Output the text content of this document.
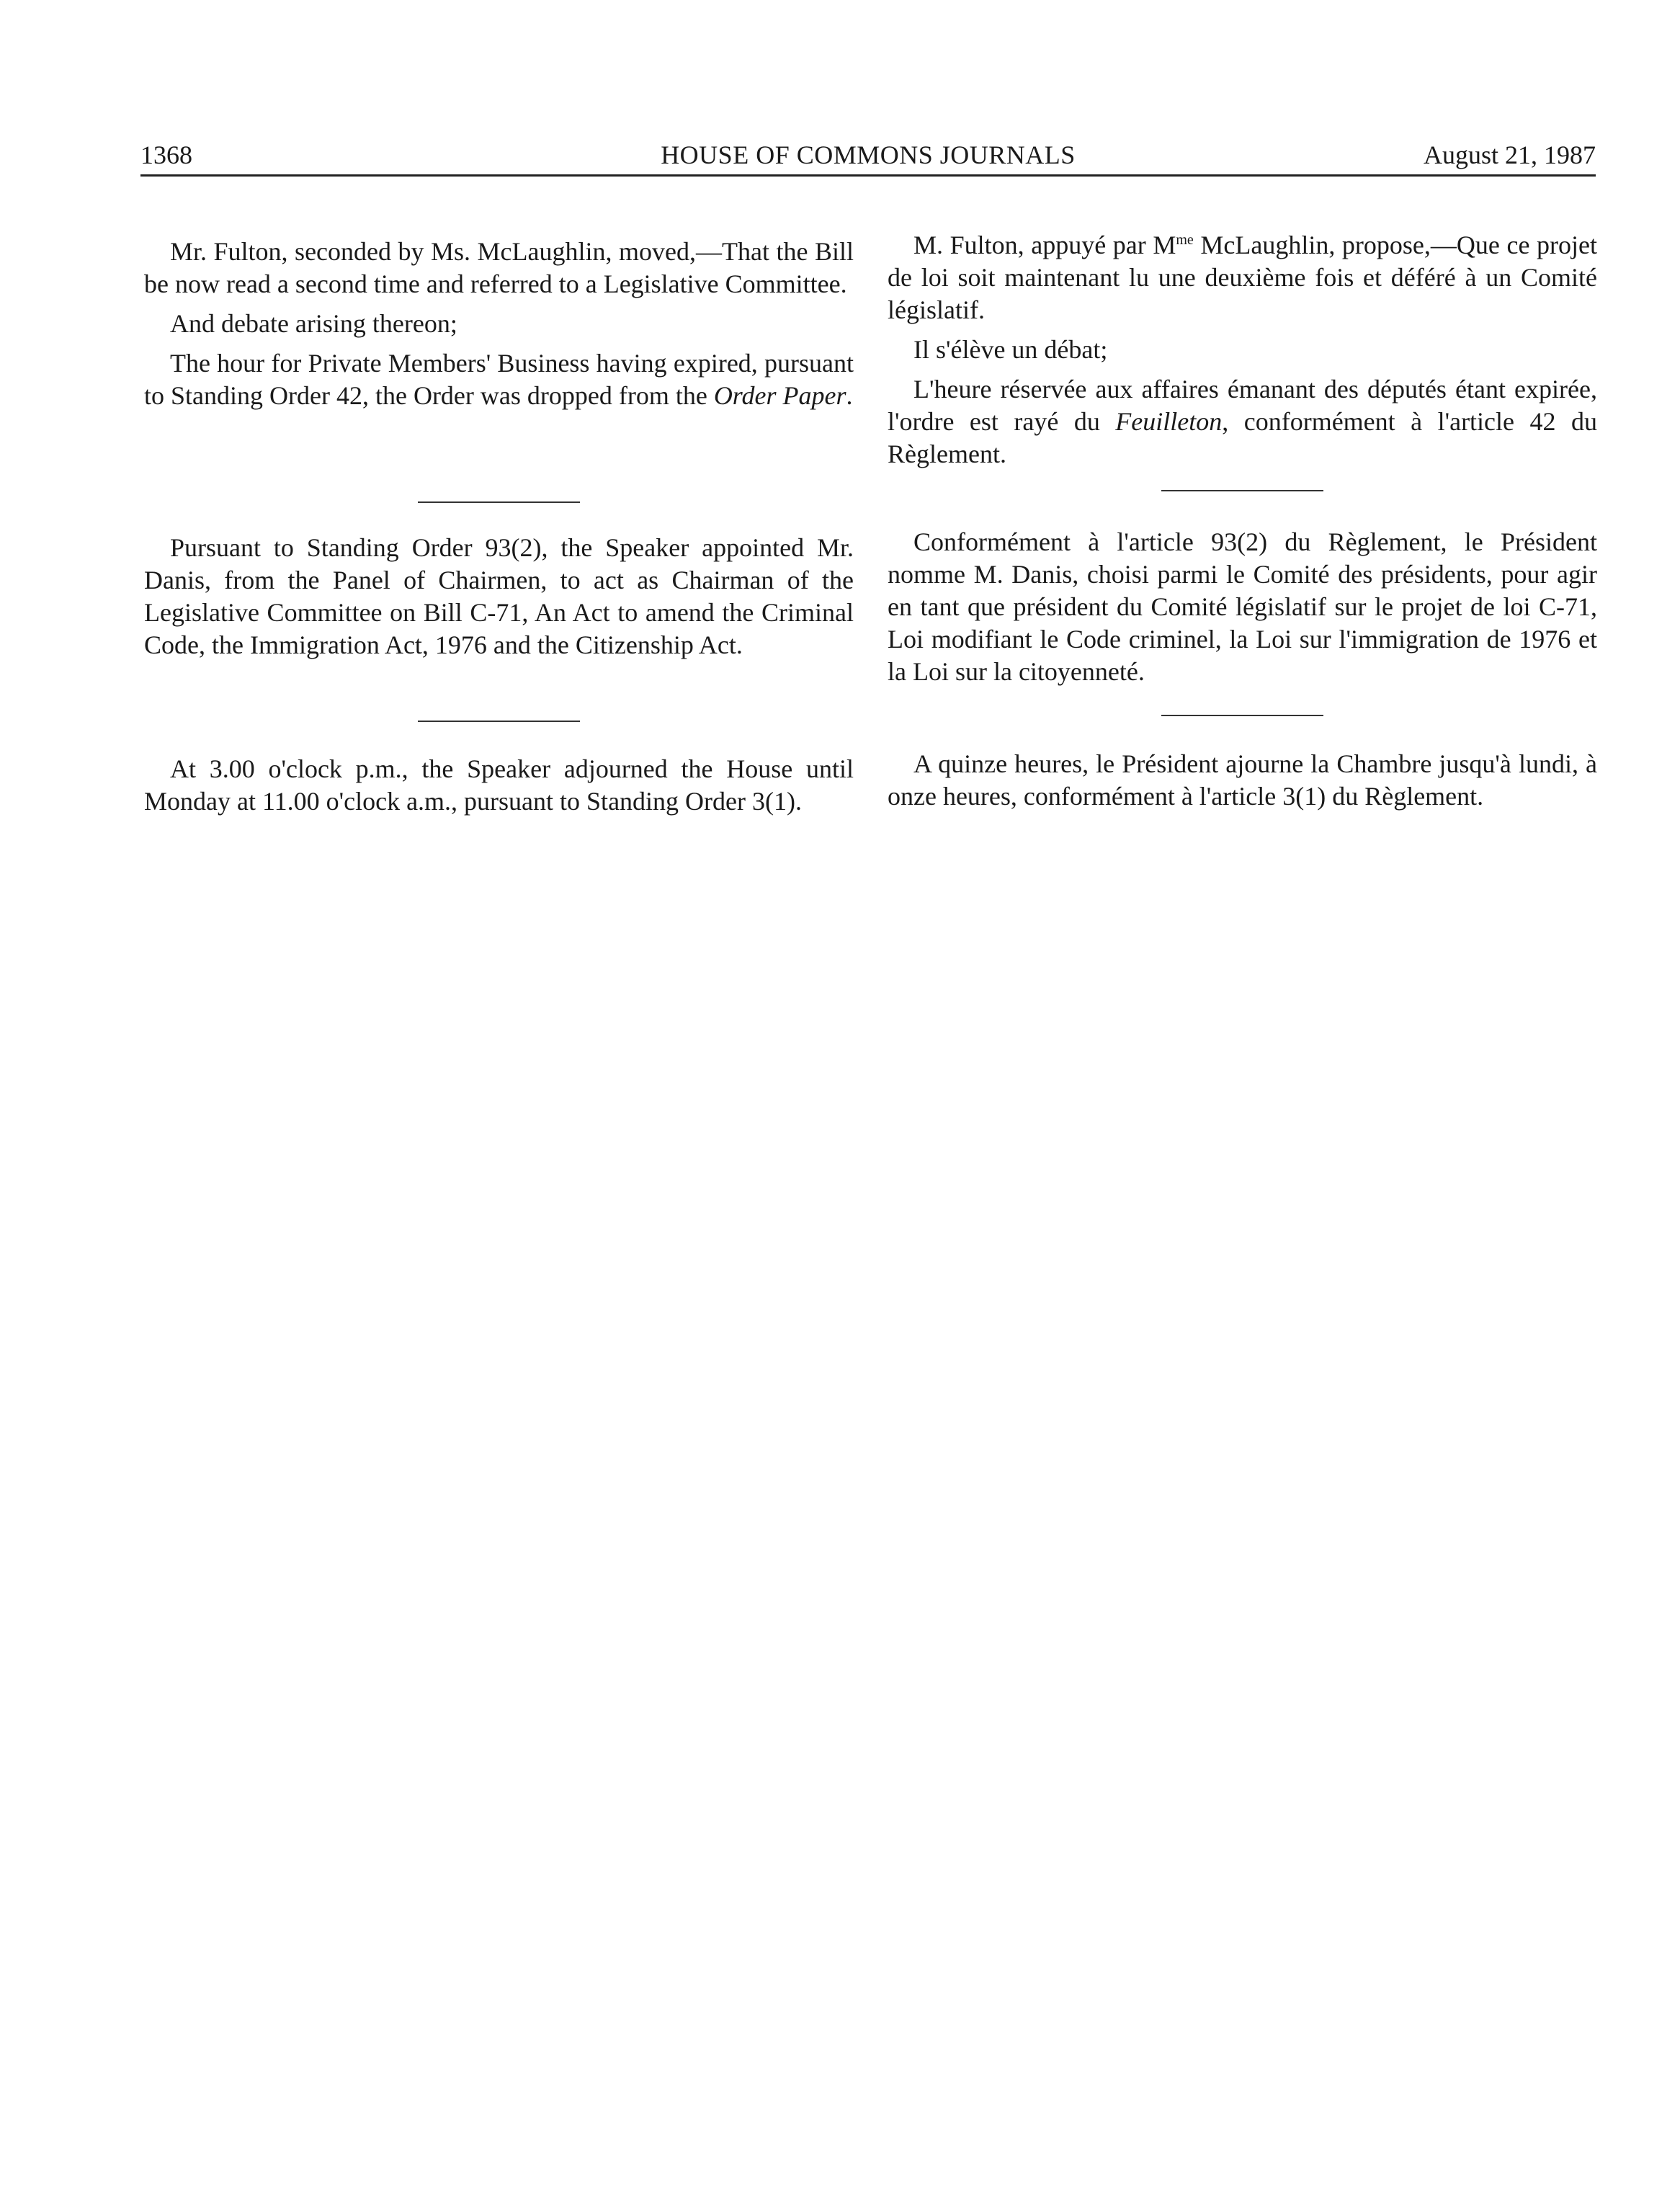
1368	HOUSE OF COMMONS JOURNALS	August 21, 1987

Mr. Fulton, seconded by Ms. McLaughlin, moved,—That the Bill be now read a second time and referred to a Legislative Committee.

And debate arising thereon;

The hour for Private Members' Business having expired, pursuant to Standing Order 42, the Order was dropped from the Order Paper.

Pursuant to Standing Order 93(2), the Speaker appointed Mr. Danis, from the Panel of Chairmen, to act as Chairman of the Legislative Committee on Bill C-71, An Act to amend the Criminal Code, the Immigration Act, 1976 and the Citizenship Act.

At 3.00 o'clock p.m., the Speaker adjourned the House until Monday at 11.00 o'clock a.m., pursuant to Standing Order 3(1).

M. Fulton, appuyé par $M^{me}$ McLaughlin, propose,—Que ce projet de loi soit maintenant lu une deuxième fois et déféré à un Comité législatif.

Il s'élève un débat;

L'heure réservée aux affaires émanant des députés étant expirée, l'ordre est rayé du Feuilleton, conformément à l'article 42 du Règlement.

Conformément à l'article 93(2) du Règlement, le Président nomme M. Danis, choisi parmi le Comité des présidents, pour agir en tant que président du Comité législatif sur le projet de loi C-71, Loi modifiant le Code criminel, la Loi sur l'immigration de 1976 et la Loi sur la citoyenneté.

A quinze heures, le Président ajourne la Chambre jusqu'à lundi, à onze heures, conformément à l'article 3(1) du Règlement.
